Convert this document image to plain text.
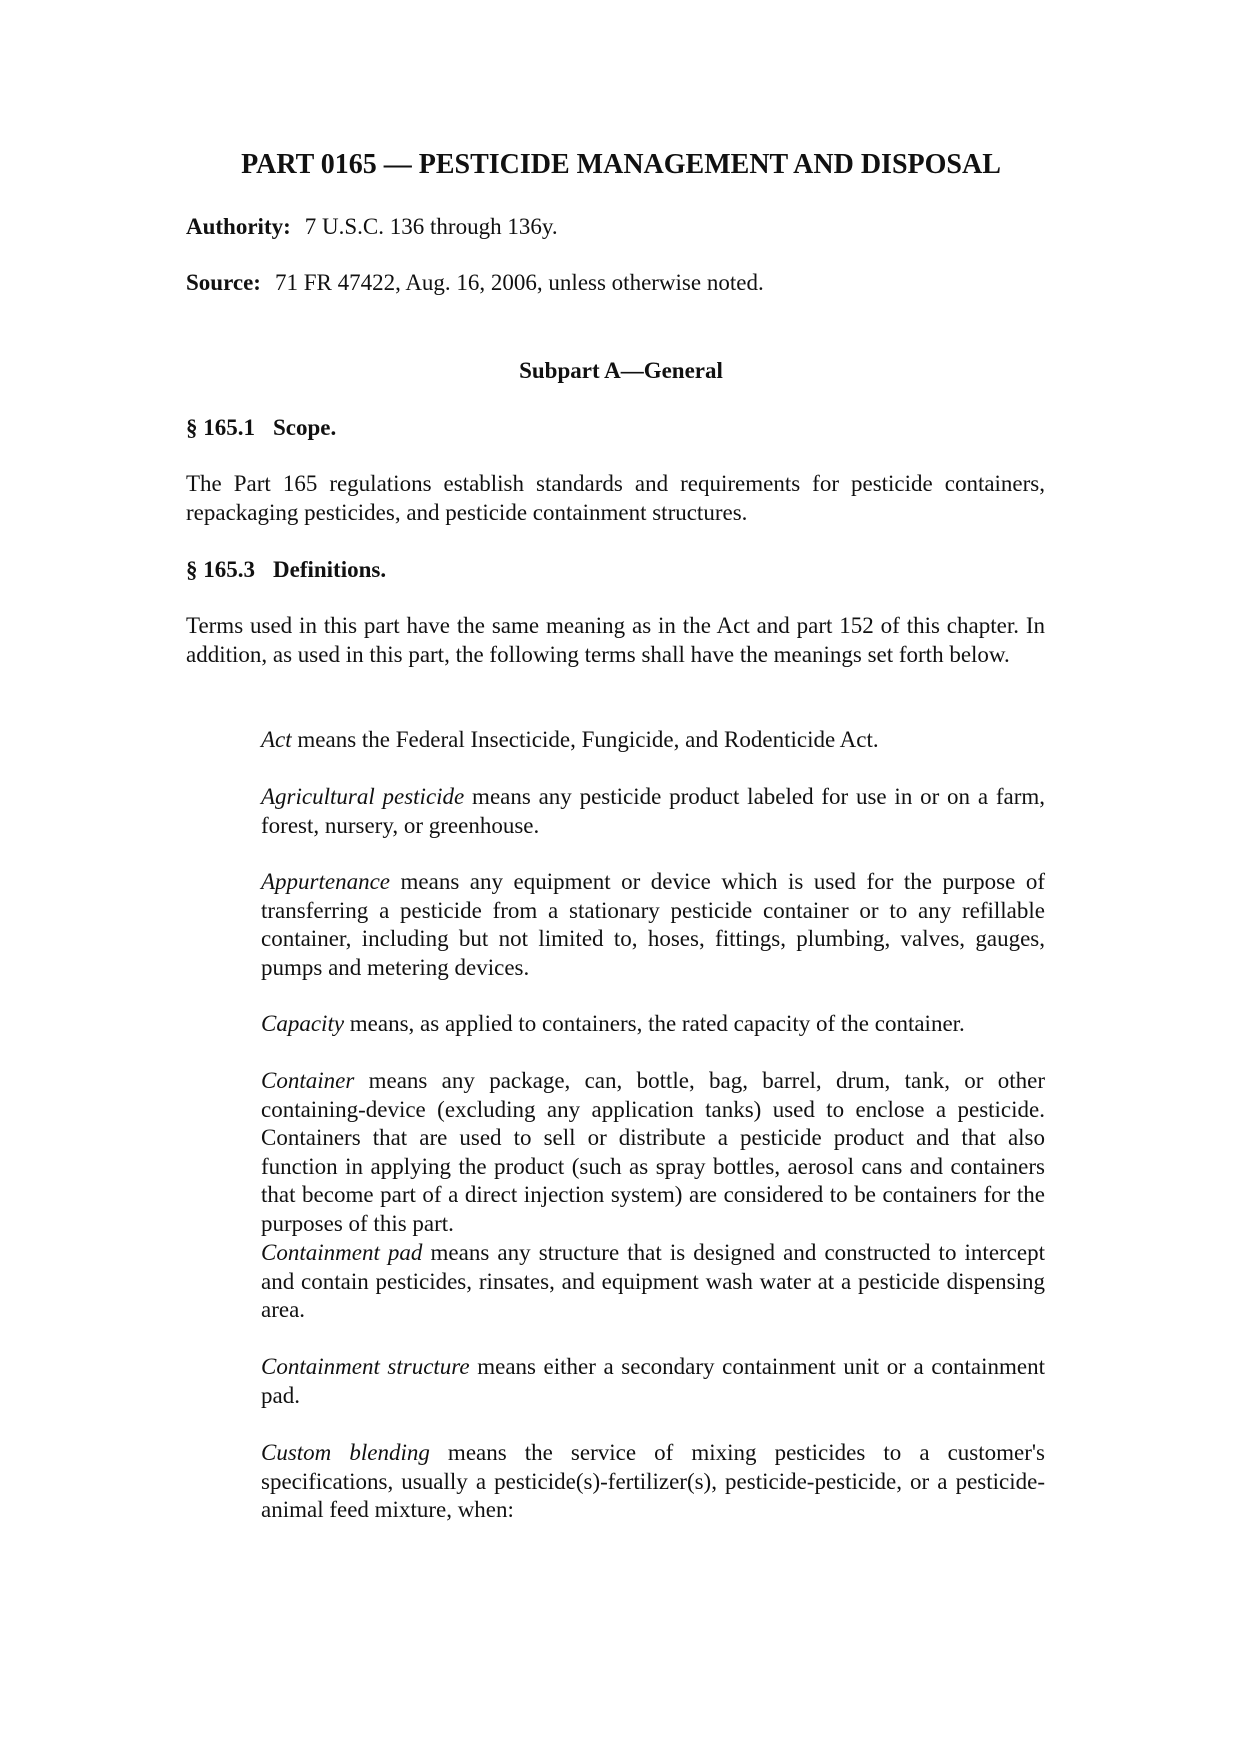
PART 0165 — PESTICIDE MANAGEMENT AND DISPOSAL

Authority: 7 U.S.C. 136 through 136y.

Source: 71 FR 47422, Aug. 16, 2006, unless otherwise noted.

Subpart A—General

§ 165.1 Scope.

The Part 165 regulations establish standards and requirements for pesticide containers, repackaging pesticides, and pesticide containment structures.

§ 165.3 Definitions.

Terms used in this part have the same meaning as in the Act and part 152 of this chapter. In addition, as used in this part, the following terms shall have the meanings set forth below.

Act means the Federal Insecticide, Fungicide, and Rodenticide Act.

Agricultural pesticide means any pesticide product labeled for use in or on a farm, forest, nursery, or greenhouse.

Appurtenance means any equipment or device which is used for the purpose of transferring a pesticide from a stationary pesticide container or to any refillable container, including but not limited to, hoses, fittings, plumbing, valves, gauges, pumps and metering devices.

Capacity means, as applied to containers, the rated capacity of the container.

Container means any package, can, bottle, bag, barrel, drum, tank, or other containing-device (excluding any application tanks) used to enclose a pesticide. Containers that are used to sell or distribute a pesticide product and that also function in applying the product (such as spray bottles, aerosol cans and containers that become part of a direct injection system) are considered to be containers for the purposes of this part.

Containment pad means any structure that is designed and constructed to intercept and contain pesticides, rinsates, and equipment wash water at a pesticide dispensing area.

Containment structure means either a secondary containment unit or a containment pad.

Custom blending means the service of mixing pesticides to a customer's specifications, usually a pesticide(s)-fertilizer(s), pesticide-pesticide, or a pesticide-animal feed mixture, when:
